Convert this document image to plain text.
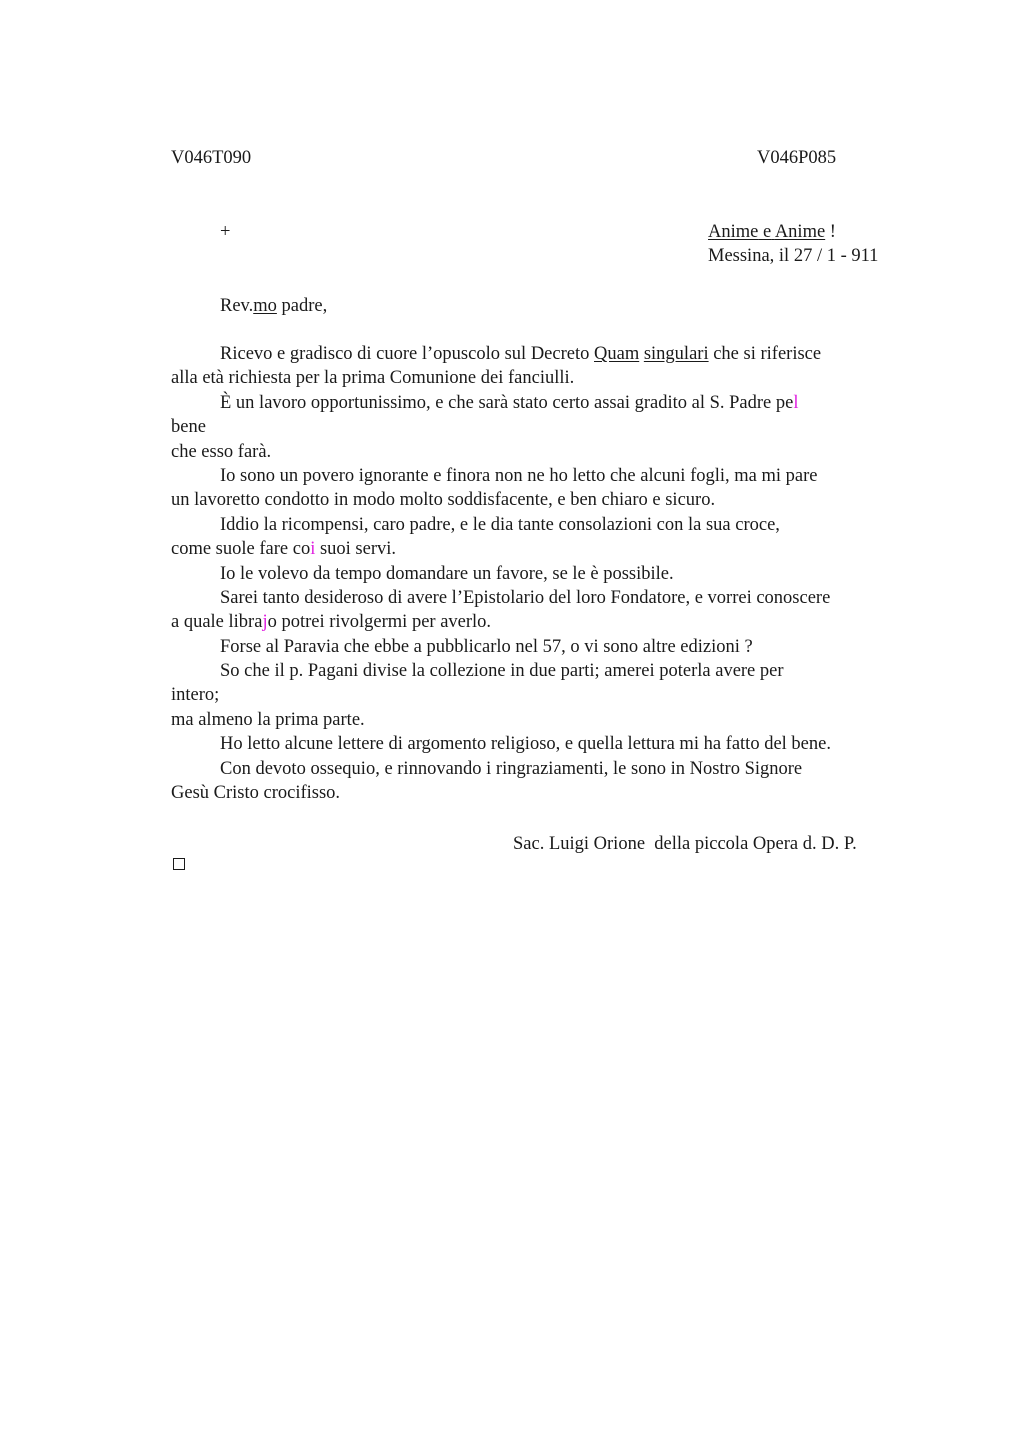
V046T090	V046P085
+	Anime e Anime !
Messina, il 27 / 1 - 911
Rev.mo padre,
Ricevo e gradisco di cuore l’opuscolo sul Decreto Quam singulari che si riferisce
alla età richiesta per la prima Comunione dei fanciulli.
È un lavoro opportunissimo, e che sarà stato certo assai gradito al S. Padre pel
bene
che esso farà.
Io sono un povero ignorante e finora non ne ho letto che alcuni fogli, ma mi pare
un lavoretto condotto in modo molto soddisfacente, e ben chiaro e sicuro.
Iddio la ricompensi, caro padre, e le dia tante consolazioni con la sua croce,
come suole fare coi suoi servi.
Io le volevo da tempo domandare un favore, se le è possibile.
Sarei tanto desideroso di avere l’Epistolario del loro Fondatore, e vorrei conoscere
a quale librajo potrei rivolgermi per averlo.
Forse al Paravia che ebbe a pubblicarlo nel 57, o vi sono altre edizioni ?
So che il p. Pagani divise la collezione in due parti; amerei poterla avere per
intero;
ma almeno la prima parte.
Ho letto alcune lettere di argomento religioso, e quella lettura mi ha fatto del bene.
Con devoto ossequio, e rinnovando i ringraziamenti, le sono in Nostro Signore
Gesù Cristo crocifisso.
Sac. Luigi Orione  della piccola Opera d. D. P.
